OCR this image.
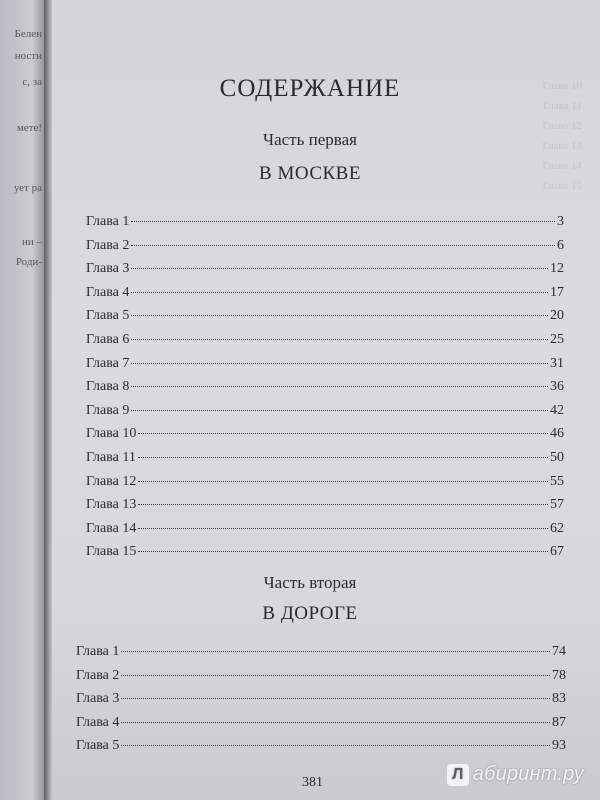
Белен
ности
с, за
мете!
ует ра
ни –
Роди-
Глава 10
Глава 11
Глава 12
Глава 13
Глава 14
Глава 15
СОДЕРЖАНИЕ
Часть первая
В МОСКВЕ
Глава 1	3
Глава 2	6
Глава 3	12
Глава 4	17
Глава 5	20
Глава 6	25
Глава 7	31
Глава 8	36
Глава 9	42
Глава 10	46
Глава 11	50
Глава 12	55
Глава 13	57
Глава 14	62
Глава 15	67
Часть вторая
В ДОРОГЕ
Глава 1	74
Глава 2	78
Глава 3	83
Глава 4	87
Глава 5	93
381	Л абиринт.ру
